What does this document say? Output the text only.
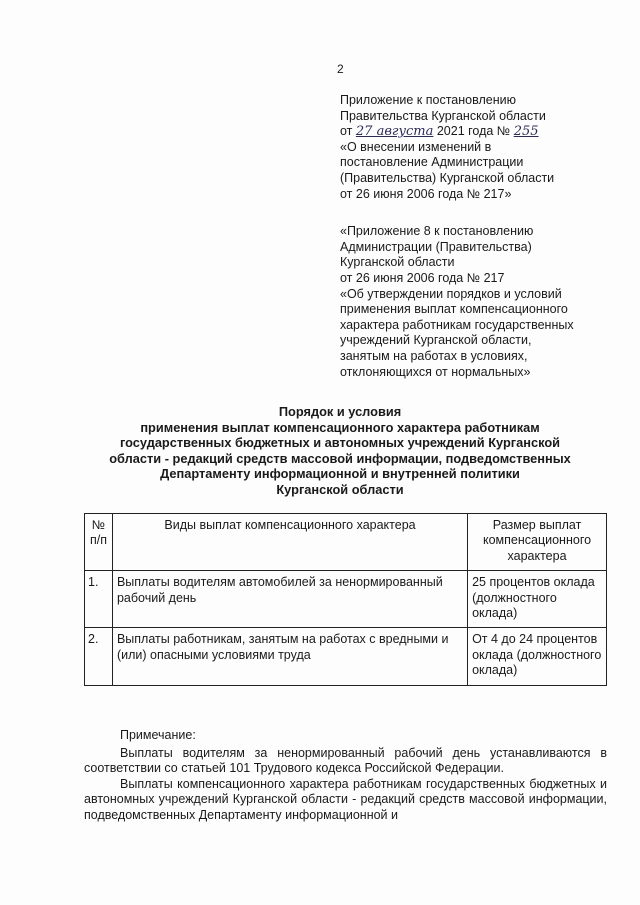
2
Приложение к постановлению
Правительства Курганской области
от 27 августа 2021 года № 255
«О внесении изменений в
постановление Администрации
(Правительства) Курганской области
от 26 июня 2006 года № 217»
«Приложение 8 к постановлению
Администрации (Правительства)
Курганской области
от 26 июня 2006 года № 217
«Об утверждении порядков и условий
применения выплат компенсационного
характера работникам государственных
учреждений Курганской области,
занятым на работах в условиях,
отклоняющихся от нормальных»
Порядок и условия
применения выплат компенсационного характера работникам
государственных бюджетных и автономных учреждений Курганской
области - редакций средств массовой информации, подведомственных
Департаменту информационной и внутренней политики
Курганской области
№ п/п	Виды выплат компенсационного характера	Размер выплат компенсационного характера
1.	Выплаты водителям автомобилей за ненормированный рабочий день	25 процентов оклада (должностного оклада)
2.	Выплаты работникам, занятым на работах с вредными и (или) опасными условиями труда	От 4 до 24 процентов оклада (должностного оклада)

Примечание:

Выплаты водителям за ненормированный рабочий день устанавливаются в соответствии со статьей 101 Трудового кодекса Российской Федерации.

Выплаты компенсационного характера работникам государственных бюджетных и автономных учреждений Курганской области - редакций средств массовой информации, подведомственных Департаменту информационной и
